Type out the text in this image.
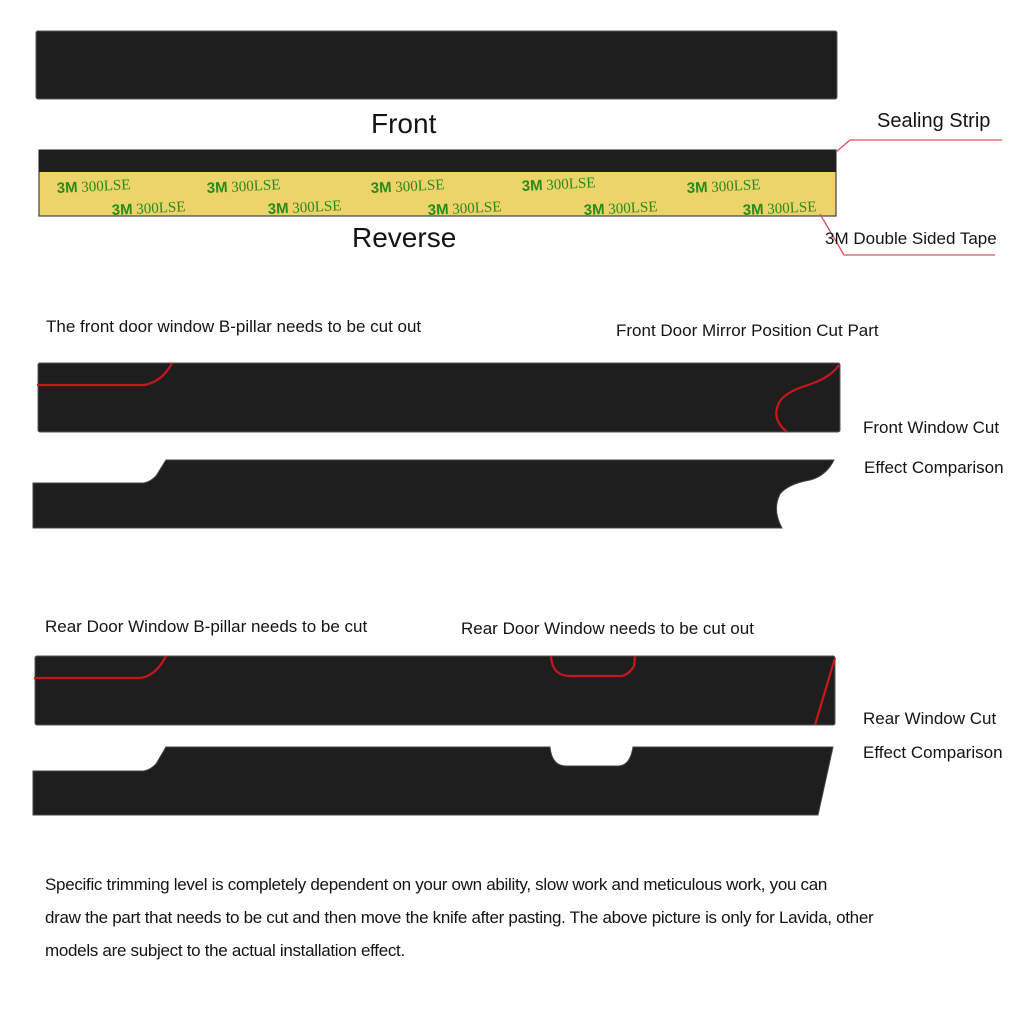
3M 300LSE	3M 300LSE	3M 300LSE	3M 300LSE	3M 300LSE
3M 300LSE	3M 300LSE	3M 300LSE	3M 300LSE	3M 300LSE
Front
Reverse
Sealing Strip
3M Double Sided Tape
The front door window B-pillar needs to be cut out	Front Door Mirror Position Cut Part
Front Window Cut
Effect Comparison
Rear Door Window B-pillar needs to be cut	Rear Door Window needs to be cut out
Rear Window Cut
Effect Comparison
Specific trimming level is completely dependent on your own ability, slow work and meticulous work, you can
draw the part that needs to be cut and then move the knife after pasting. The above picture is only for Lavida, other
models are subject to the actual installation effect.
